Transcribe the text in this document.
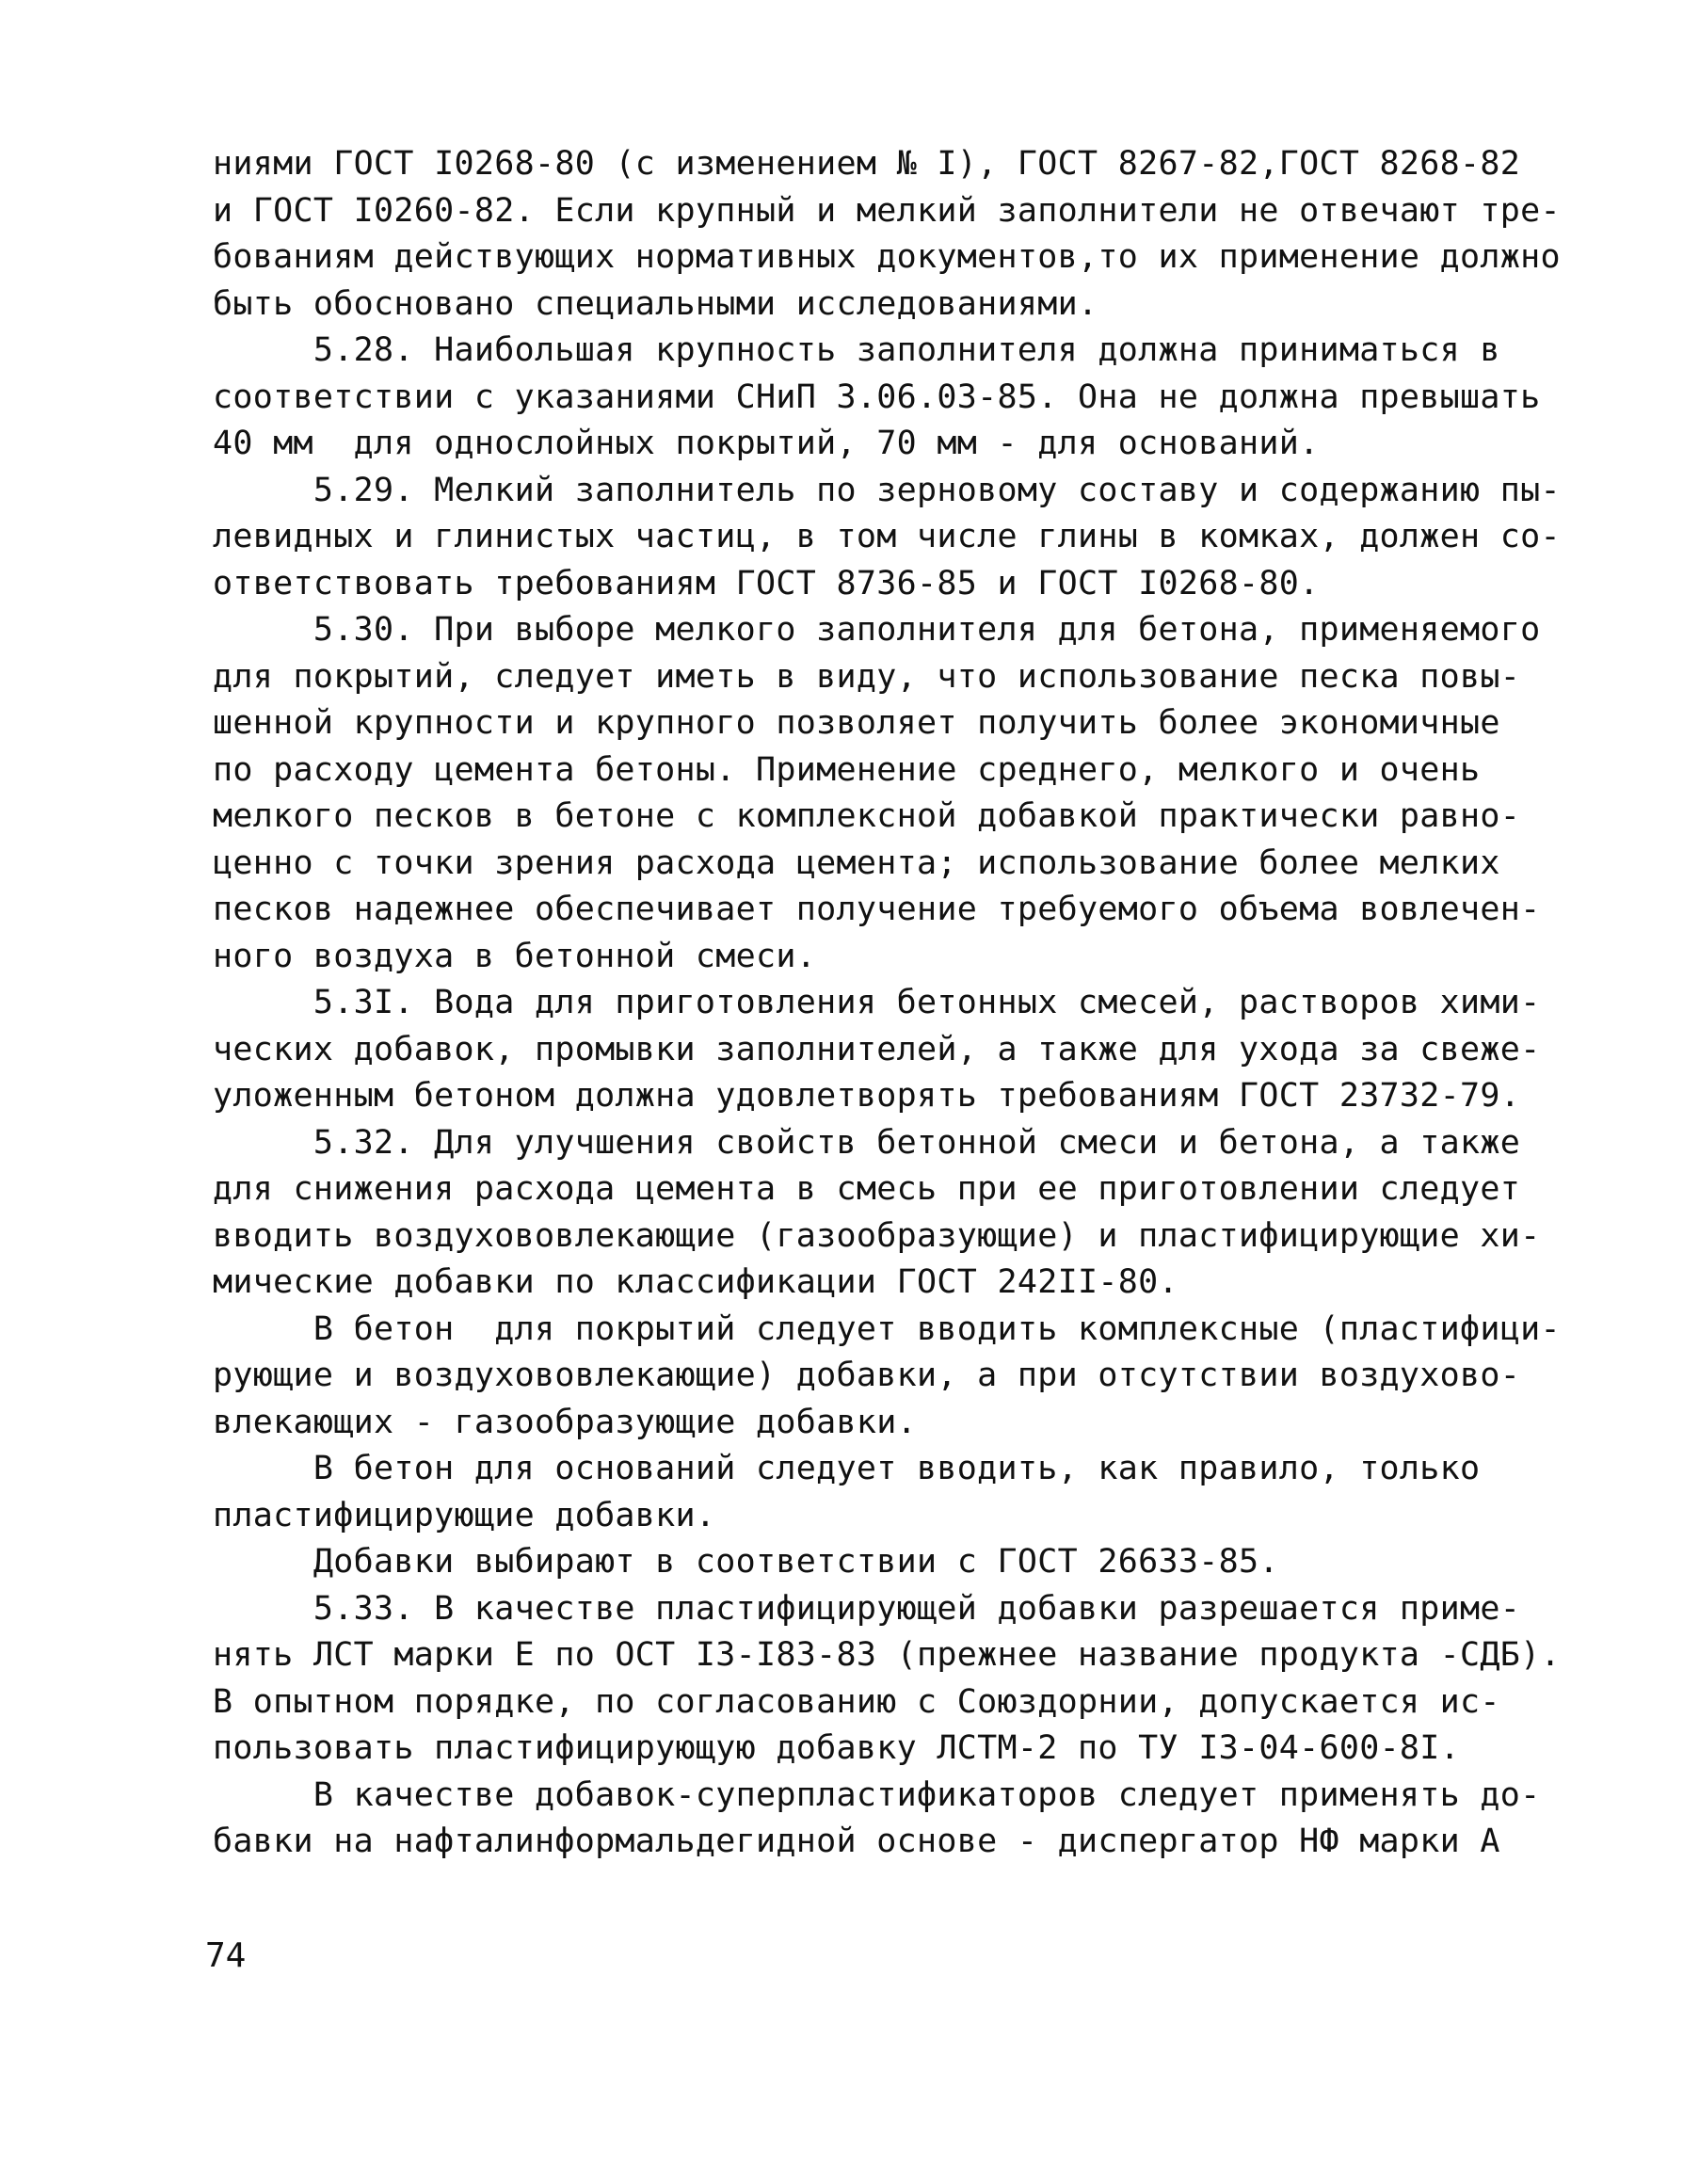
ниями ГОСТ I0268-80 (с изменением № I), ГОСТ 8267-82,ГОСТ 8268-82
и ГОСТ I0260-82. Если крупный и мелкий заполнители не отвечают тре-
бованиям действующих нормативных документов,то их применение должно
быть обосновано специальными исследованиями.
5.28. Наибольшая крупность заполнителя должна приниматься в
соответствии с указаниями СНиП 3.06.03-85. Она не должна превышать
40 мм  для однослойных покрытий, 70 мм - для оснований.
5.29. Мелкий заполнитель по зерновому составу и содержанию пы-
левидных и глинистых частиц, в том числе глины в комках, должен со-
ответствовать требованиям ГОСТ 8736-85 и ГОСТ I0268-80.
5.30. При выборе мелкого заполнителя для бетона, применяемого
для покрытий, следует иметь в виду, что использование песка повы-
шенной крупности и крупного позволяет получить более экономичные
по расходу цемента бетоны. Применение среднего, мелкого и очень
мелкого песков в бетоне с комплексной добавкой практически равно-
ценно с точки зрения расхода цемента; использование более мелких
песков надежнее обеспечивает получение требуемого объема вовлечен-
ного воздуха в бетонной смеси.
5.3I. Вода для приготовления бетонных смесей, растворов хими-
ческих добавок, промывки заполнителей, а также для ухода за свеже-
уложенным бетоном должна удовлетворять требованиям ГОСТ 23732-79.
5.32. Для улучшения свойств бетонной смеси и бетона, а также
для снижения расхода цемента в смесь при ее приготовлении следует
вводить воздухововлекающие (газообразующие) и пластифицирующие хи-
мические добавки по классификации ГОСТ 242II-80.
В бетон  для покрытий следует вводить комплексные (пластифици-
рующие и воздухововлекающие) добавки, а при отсутствии воздухово-
влекающих - газообразующие добавки.
В бетон для оснований следует вводить, как правило, только
пластифицирующие добавки.
Добавки выбирают в соответствии с ГОСТ 26633-85.
5.33. В качестве пластифицирующей добавки разрешается приме-
нять ЛСТ марки Е по ОСТ I3-I83-83 (прежнее название продукта -СДБ).
В опытном порядке, по согласованию с Союздорнии, допускается ис-
пользовать пластифицирующую добавку ЛСТМ-2 по ТУ I3-04-600-8I.
В качестве добавок-суперпластификаторов следует применять до-
бавки на нафталинформальдегидной основе - диспергатор НФ марки А
74
